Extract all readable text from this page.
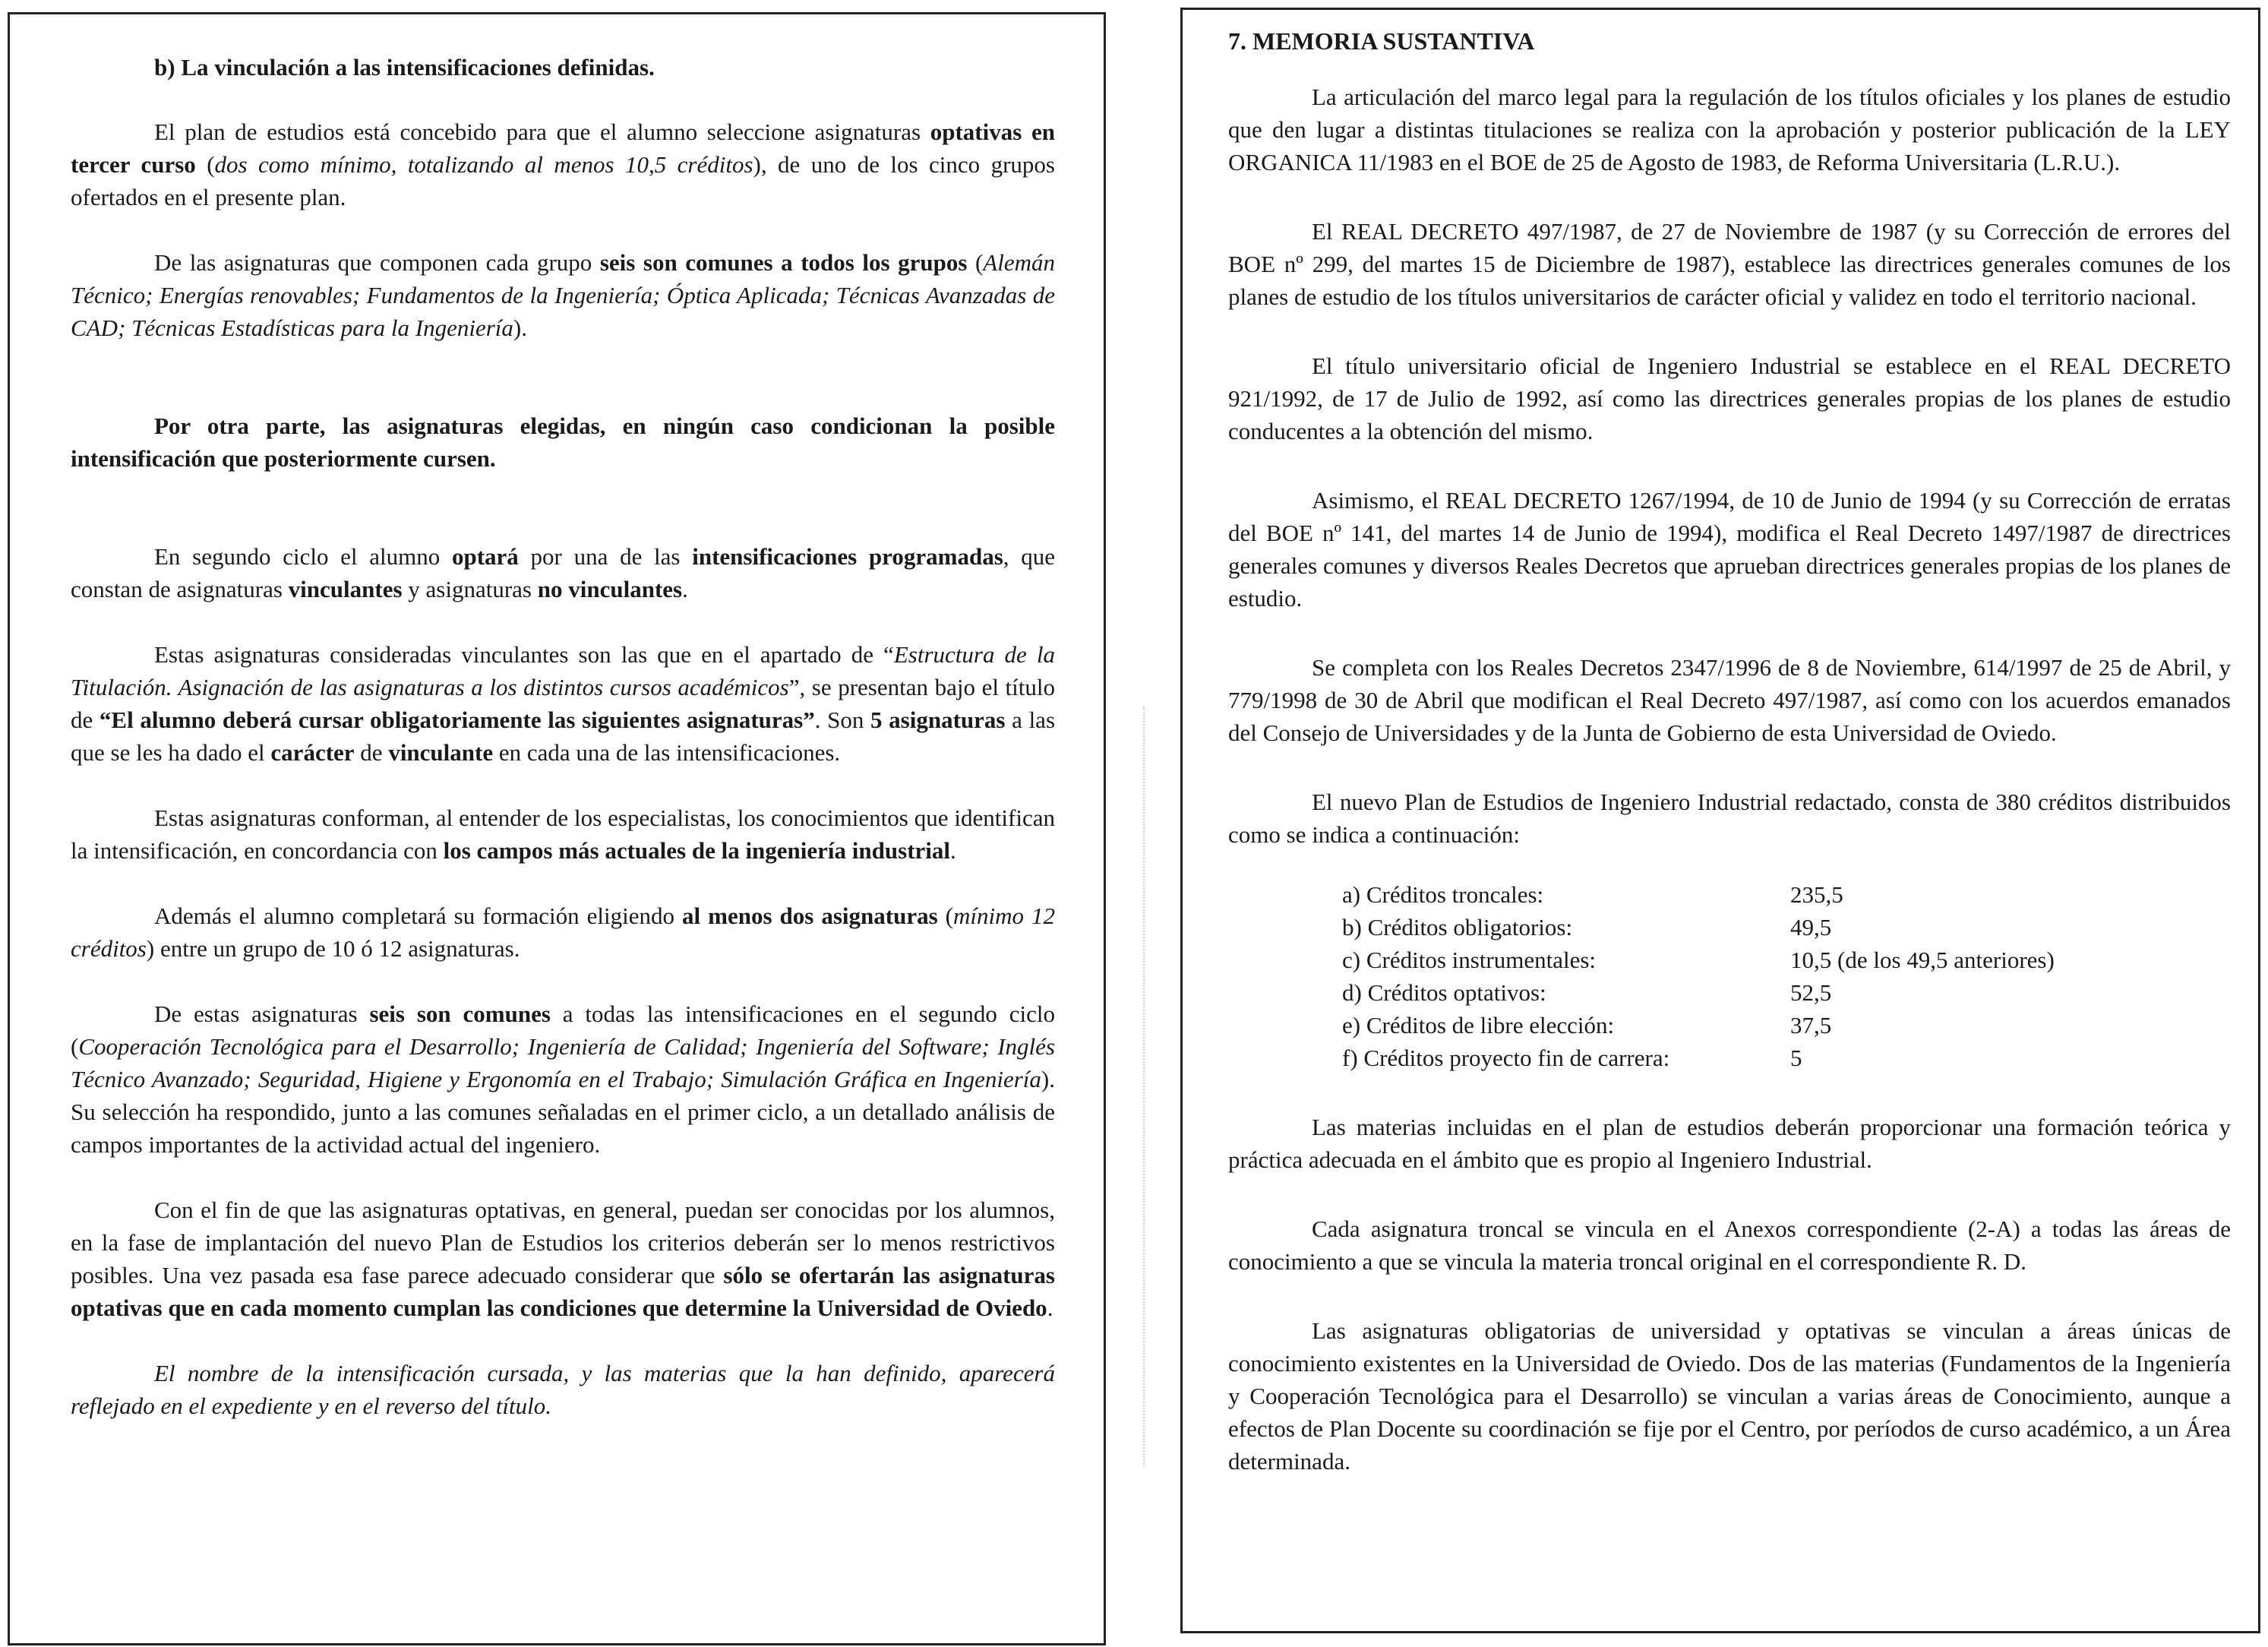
b) La vinculación a las intensificaciones definidas.

El plan de estudios está concebido para que el alumno seleccione asignaturas optativas en tercer curso (dos como mínimo, totalizando al menos 10,5 créditos), de uno de los cinco grupos ofertados en el presente plan.

De las asignaturas que componen cada grupo seis son comunes a todos los grupos (Alemán Técnico; Energías renovables; Fundamentos de la Ingeniería; Óptica Aplicada; Técnicas Avanzadas de CAD; Técnicas Estadísticas para la Ingeniería).

Por otra parte, las asignaturas elegidas, en ningún caso condicionan la posible intensificación que posteriormente cursen.

En segundo ciclo el alumno optará por una de las intensificaciones programadas, que constan de asignaturas vinculantes y asignaturas no vinculantes.

Estas asignaturas consideradas vinculantes son las que en el apartado de “Estructura de la Titulación. Asignación de las asignaturas a los distintos cursos académicos”, se presentan bajo el título de “El alumno deberá cursar obligatoriamente las siguientes asignaturas”. Son 5 asignaturas a las que se les ha dado el carácter de vinculante en cada una de las intensificaciones.

Estas asignaturas conforman, al entender de los especialistas, los conocimientos que identifican la intensificación, en concordancia con los campos más actuales de la ingeniería industrial.

Además el alumno completará su formación eligiendo al menos dos asignaturas (mínimo 12 créditos) entre un grupo de 10 ó 12 asignaturas.

De estas asignaturas seis son comunes a todas las intensificaciones en el segundo ciclo (Cooperación Tecnológica para el Desarrollo; Ingeniería de Calidad; Ingeniería del Software; Inglés Técnico Avanzado; Seguridad, Higiene y Ergonomía en el Trabajo; Simulación Gráfica en Ingeniería). Su selección ha respondido, junto a las comunes señaladas en el primer ciclo, a un detallado análisis de campos importantes de la actividad actual del ingeniero.

Con el fin de que las asignaturas optativas, en general, puedan ser conocidas por los alumnos, en la fase de implantación del nuevo Plan de Estudios los criterios deberán ser lo menos restrictivos posibles. Una vez pasada esa fase parece adecuado considerar que sólo se ofertarán las asignaturas optativas que en cada momento cumplan las condiciones que determine la Universidad de Oviedo.

El nombre de la intensificación cursada, y las materias que la han definido, aparecerá reflejado en el expediente y en el reverso del título.

7. MEMORIA SUSTANTIVA

La articulación del marco legal para la regulación de los títulos oficiales y los planes de estudio que den lugar a distintas titulaciones se realiza con la aprobación y posterior publicación de la LEY ORGANICA 11/1983 en el BOE de 25 de Agosto de 1983, de Reforma Universitaria (L.R.U.).

El REAL DECRETO 497/1987, de 27 de Noviembre de 1987 (y su Corrección de errores del BOE nº 299, del martes 15 de Diciembre de 1987), establece las directrices generales comunes de los planes de estudio de los títulos universitarios de carácter oficial y validez en todo el territorio nacional.

El título universitario oficial de Ingeniero Industrial se establece en el REAL DECRETO 921/1992, de 17 de Julio de 1992, así como las directrices generales propias de los planes de estudio conducentes a la obtención del mismo.

Asimismo, el REAL DECRETO 1267/1994, de 10 de Junio de 1994 (y su Corrección de erratas del BOE nº 141, del martes 14 de Junio de 1994), modifica el Real Decreto 1497/1987 de directrices generales comunes y diversos Reales Decretos que aprueban directrices generales propias de los planes de estudio.

Se completa con los Reales Decretos 2347/1996 de 8 de Noviembre, 614/1997 de 25 de Abril, y 779/1998 de 30 de Abril que modifican el Real Decreto 497/1987, así como con los acuerdos emanados del Consejo de Universidades y de la Junta de Gobierno de esta Universidad de Oviedo.

El nuevo Plan de Estudios de Ingeniero Industrial redactado, consta de 380 créditos distribuidos como se indica a continuación:

a) Créditos troncales:	235,5
b) Créditos obligatorios:	49,5
c) Créditos instrumentales:	10,5 (de los 49,5 anteriores)
d) Créditos optativos:	52,5
e) Créditos de libre elección:	37,5
f) Créditos proyecto fin de carrera:	5

Las materias incluidas en el plan de estudios deberán proporcionar una formación teórica y práctica adecuada en el ámbito que es propio al Ingeniero Industrial.

Cada asignatura troncal se vincula en el Anexos correspondiente (2-A) a todas las áreas de conocimiento a que se vincula la materia troncal original en el correspondiente R. D.

Las asignaturas obligatorias de universidad y optativas se vinculan a áreas únicas de conocimiento existentes en la Universidad de Oviedo. Dos de las materias (Fundamentos de la Ingeniería y Cooperación Tecnológica para el Desarrollo) se vinculan a varias áreas de Conocimiento, aunque a efectos de Plan Docente su coordinación se fije por el Centro, por períodos de curso académico, a un Área determinada.
